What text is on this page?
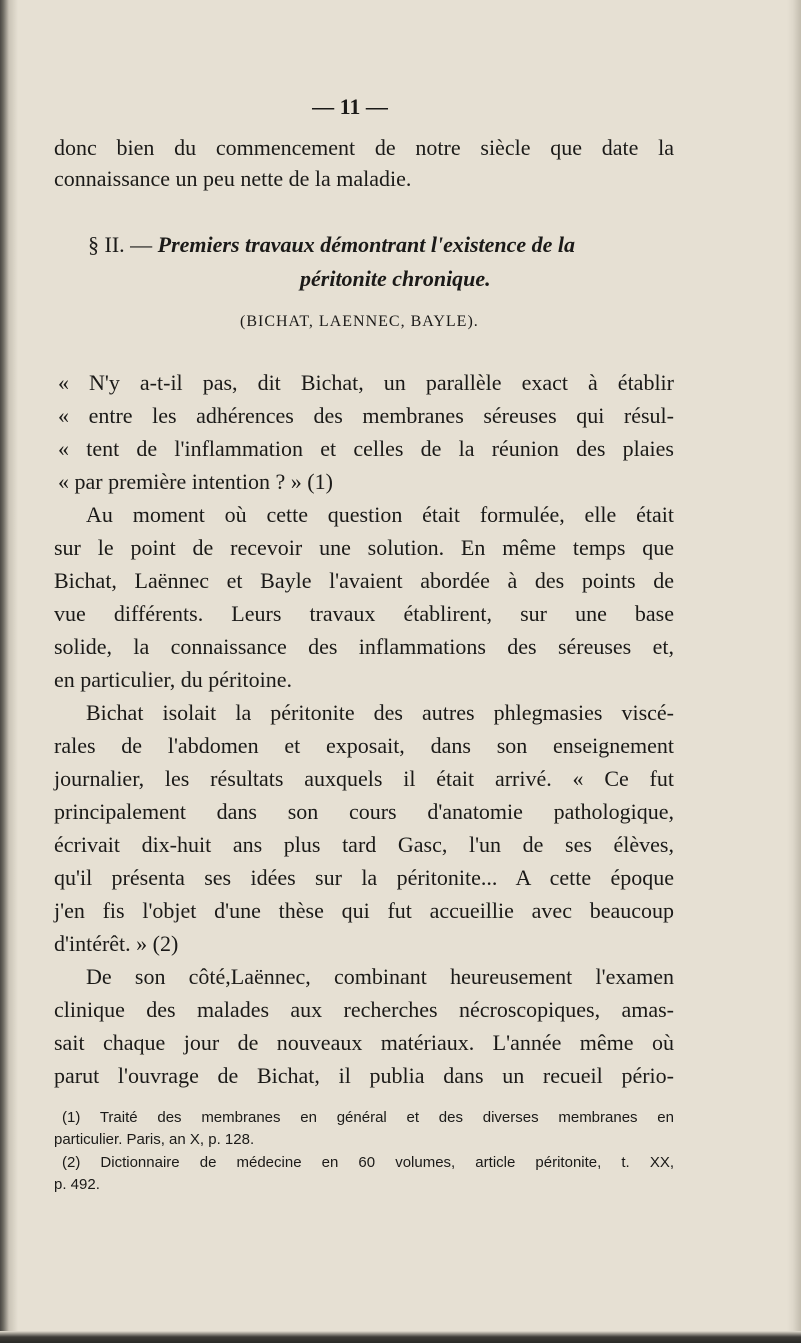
— 11 —

donc bien du commencement de notre siècle que date la

connaissance un peu nette de la maladie.

§ II. — Premiers travaux démontrant l'existence de la

péritonite chronique.

(BICHAT, LAENNEC, BAYLE).

« N'y a-t-il pas, dit Bichat, un parallèle exact à établir

« entre les adhérences des membranes séreuses qui résul-

« tent de l'inflammation et celles de la réunion des plaies

« par première intention ? » (1)

Au moment où cette question était formulée, elle était

sur le point de recevoir une solution. En même temps que

Bichat, Laënnec et Bayle l'avaient abordée à des points de

vue différents. Leurs travaux établirent, sur une base

solide, la connaissance des inflammations des séreuses et,

en particulier, du péritoine.

Bichat isolait la péritonite des autres phlegmasies viscé-

rales de l'abdomen et exposait, dans son enseignement

journalier, les résultats auxquels il était arrivé. « Ce fut

principalement dans son cours d'anatomie pathologique,

écrivait dix-huit ans plus tard Gasc, l'un de ses élèves,

qu'il présenta ses idées sur la péritonite... A cette époque

j'en fis l'objet d'une thèse qui fut accueillie avec beaucoup

d'intérêt. » (2)

De son côté,Laënnec, combinant heureusement l'examen

clinique des malades aux recherches nécroscopiques, amas-

sait chaque jour de nouveaux matériaux. L'année même où

parut l'ouvrage de Bichat, il publia dans un recueil pério-

(1) Traité des membranes en général et des diverses membranes en

particulier. Paris, an X, p. 128.

(2) Dictionnaire de médecine en 60 volumes, article péritonite, t. XX,

p. 492.
